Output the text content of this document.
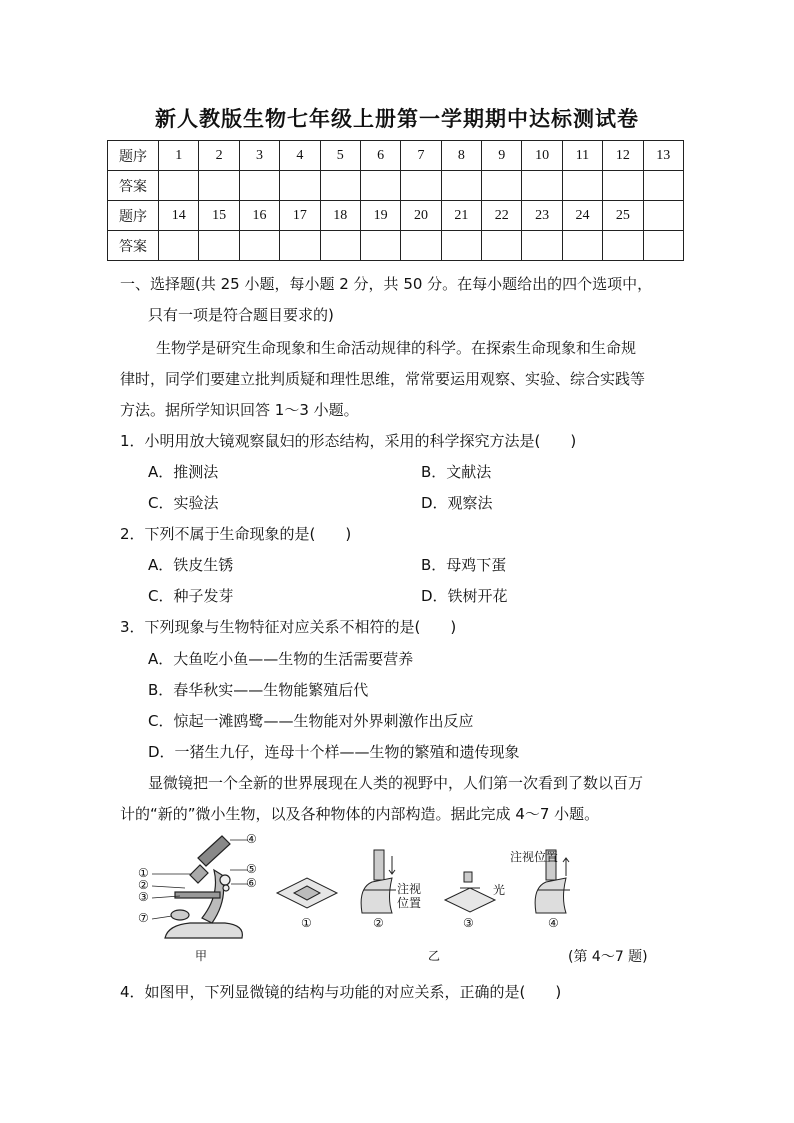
新人教版生物七年级上册第一学期期中达标测试卷
题序	1	2	3	4	5	6	7	8	9	10	11	12	13
答案													
题序	14	15	16	17	18	19	20	21	22	23	24	25	
答案													
一、选择题(共 25 小题，每小题 2 分，共 50 分。在每小题给出的四个选项中，
只有一项是符合题目要求的)
生物学是研究生命现象和生命活动规律的科学。在探索生命现象和生命规
律时，同学们要建立批判质疑和理性思维，常常要运用观察、实验、综合实践等
方法。据所学知识回答 1～3 小题。
1．小明用放大镜观察鼠妇的形态结构，采用的科学探究方法是(　　)
A．推测法	B．文献法
C．实验法	D．观察法
2．下列不属于生命现象的是(　　)
A．铁皮生锈	B．母鸡下蛋
C．种子发芽	D．铁树开花
3．下列现象与生物特征对应关系不相符的是(　　)
A．大鱼吃小鱼——生物的生活需要营养
B．春华秋实——生物能繁殖后代
C．惊起一滩鸥鹭——生物能对外界刺激作出反应
D．一猪生九仔，连母十个样——生物的繁殖和遗传现象
显微镜把一个全新的世界展现在人类的视野中，人们第一次看到了数以百万
计的“新的”微小生物，以及各种物体的内部构造。据此完成 4～7 小题。
①
②
③
④
⑤
⑥
⑦
甲
①
注视
位置
②
光
③
注视位置
④
乙	(第 4～7 题)
4．如图甲，下列显微镜的结构与功能的对应关系，正确的是(　　)
